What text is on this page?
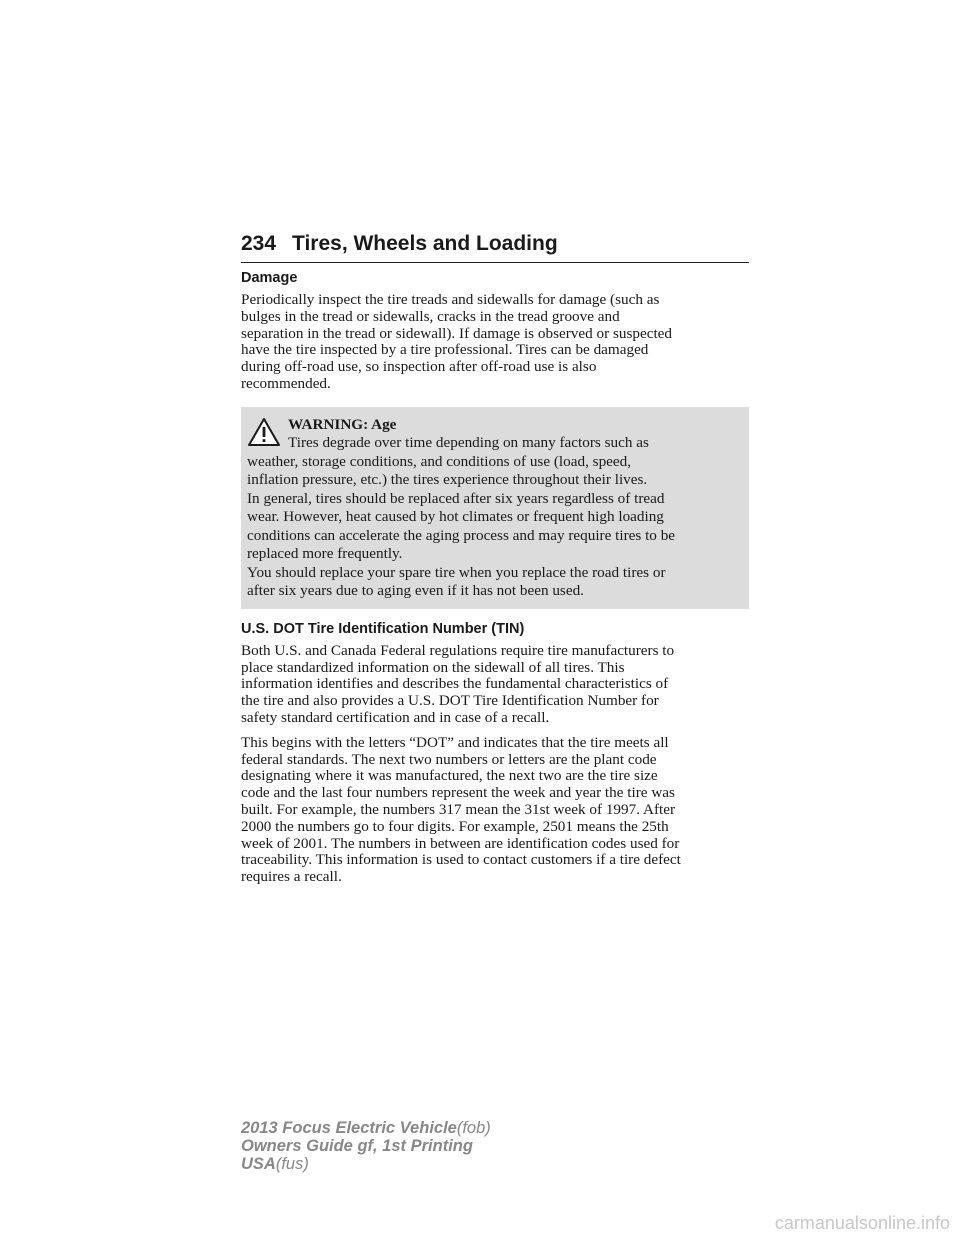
234 Tires, Wheels and Loading
Damage

Periodically inspect the tire treads and sidewalls for damage (such as
bulges in the tread or sidewalls, cracks in the tread groove and
separation in the tread or sidewall). If damage is observed or suspected
have the tire inspected by a tire professional. Tires can be damaged
during off-road use, so inspection after off-road use is also
recommended.

WARNING: Age
Tires degrade over time depending on many factors such as
weather, storage conditions, and conditions of use (load, speed,
inflation pressure, etc.) the tires experience throughout their lives.
In general, tires should be replaced after six years regardless of tread
wear. However, heat caused by hot climates or frequent high loading
conditions can accelerate the aging process and may require tires to be
replaced more frequently.
You should replace your spare tire when you replace the road tires or
after six years due to aging even if it has not been used.
U.S. DOT Tire Identification Number (TIN)

Both U.S. and Canada Federal regulations require tire manufacturers to
place standardized information on the sidewall of all tires. This
information identifies and describes the fundamental characteristics of
the tire and also provides a U.S. DOT Tire Identification Number for
safety standard certification and in case of a recall.

This begins with the letters “DOT” and indicates that the tire meets all
federal standards. The next two numbers or letters are the plant code
designating where it was manufactured, the next two are the tire size
code and the last four numbers represent the week and year the tire was
built. For example, the numbers 317 mean the 31st week of 1997. After
2000 the numbers go to four digits. For example, 2501 means the 25th
week of 2001. The numbers in between are identification codes used for
traceability. This information is used to contact customers if a tire defect
requires a recall.

2013 Focus Electric Vehicle(fob)
Owners Guide gf, 1st Printing
USA(fus)
carmanualsonline.info
